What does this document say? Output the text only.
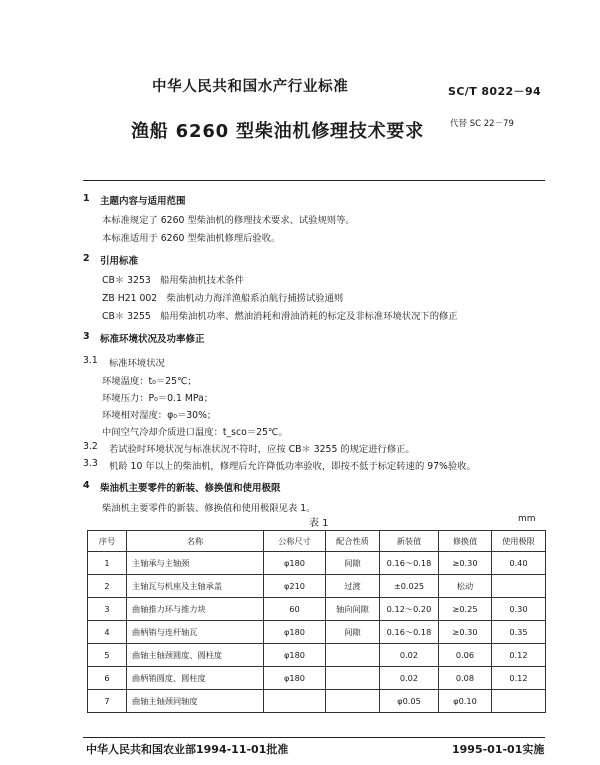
中华人民共和国水产行业标准	SC/T 8022－94
渔船 6260 型柴油机修理技术要求	代替 SC 22－79
1 主题内容与适用范围
本标准规定了 6260 型柴油机的修理技术要求、试验规则等。
本标准适用于 6260 型柴油机修理后验收。
2 引用标准
CB＊ 3253　船用柴油机技术条件
ZB H21 002　柴油机动力海洋渔船系泊航行捕捞试验通则
CB＊ 3255　船用柴油机功率、燃油消耗和滑油消耗的标定及非标准环境状况下的修正
3 标准环境状况及功率修正
3.1 标准环境状况
环境温度：t₀＝25℃；
环境压力：P₀＝0.1 MPa；
环境相对湿度：φ₀＝30%；
中间空气冷却介质进口温度：t_sco＝25℃。
3.2 若试验时环境状况与标准状况不符时，应按 CB＊ 3255 的规定进行修正。
3.3 机龄 10 年以上的柴油机，修理后允许降低功率验收，即按不低于标定转速的 97%验收。
4 柴油机主要零件的新装、修换值和使用极限
柴油机主要零件的新装、修换值和使用极限见表 1。
表 1	mm
序号	名称	公称尺寸	配合性质	新装值	修换值	使用极限
1	主轴承与主轴颈	φ180	间隙	0.16～0.18	≥0.30	0.40
2	主轴瓦与机座及主轴承盖	φ210	过渡	±0.025	松动	
3	曲轴推力环与推力块	60	轴向间隙	0.12～0.20	≥0.25	0.30
4	曲柄销与连杆轴瓦	φ180	间隙	0.16～0.18	≥0.30	0.35
5	曲轴主轴颈圆度、圆柱度	φ180		0.02	0.06	0.12
6	曲柄销圆度、圆柱度	φ180		0.02	0.08	0.12
7	曲轴主轴颈同轴度			φ0.05	φ0.10	
中华人民共和国农业部1994-11-01批准	1995-01-01实施
